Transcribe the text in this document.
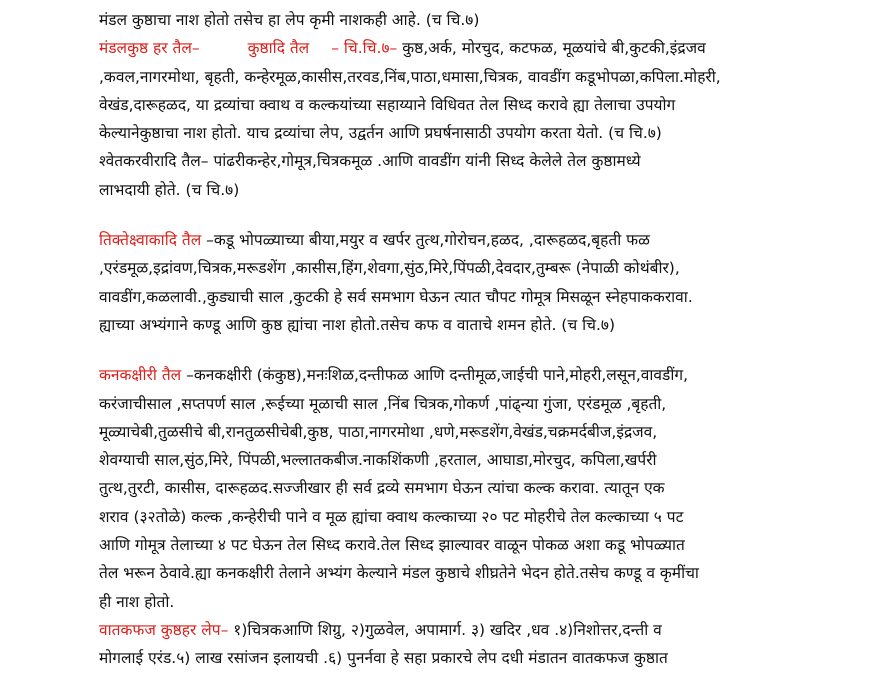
मंडल कुष्ठाचा नाश होतो तसेच हा लेप कृमी नाशकही आहे. (च चि.७)
मंडलकुष्ठ हर तैल–	कुष्ठादि तैल – चि.चि.७– कुष्ठ,अर्क, मोरचुद, कटफळ, मूळयांचे बी,कुटकी,इंद्रजव
,कवल,नागरमोथा, बृहती, कन्हेरमूळ,कासीस,तरवड,निंब,पाठा,धमासा,चित्रक, वावडींग कडूभोपळा,कपिला.मोहरी,
वेखंड,दारूहळद, या द्रव्यांचा क्वाथ व कल्कयांच्या सहाय्याने विधिवत तेल सिध्द करावे ह्या तेलाचा उपयोग
केल्यानेकुष्ठाचा नाश होतो. याच द्रव्यांचा लेप, उद्वर्तन आणि प्रघर्षनासाठी उपयोग करता येतो. (च चि.७)
श्वेतकरवीरादि तैल– पांढरीकन्हेर,गोमूत्र,चित्रकमूळ .आणि वावडींग यांनी सिध्द केलेले तेल कुष्ठामध्ये
लाभदायी होते. (च चि.७)
तिक्तेक्ष्वाकादि तैल –कडू भोपळ्याच्या बीया,मयुर व खर्पर तुत्थ,गोरोचन,हळद, ,दारूहळद,बृहती फळ
,एरंडमूळ,इद्रांवण,चित्रक,मरूडशेंग ,कासीस,हिंग,शेवगा,सुंठ,मिरे,पिंपळी,देवदार,तुम्बरू (नेपाळी कोथंबीर),
वावडींग,कळलावी.,कुड्याची साल ,कुटकी हे सर्व समभाग घेऊन त्यात चौपट गोमूत्र मिसळून स्नेहपाककरावा.
ह्याच्या अभ्यंगाने कण्डू आणि कुष्ठ ह्यांचा नाश होतो.तसेच कफ व वाताचे शमन होते. (च चि.७)
कनकक्षीरी तैल –कनकक्षीरी (कंकुष्ठ),मनःशिळ,दन्तीफळ आणि दन्तीमूळ,जाईची पाने,मोहरी,लसून,वावडींग,
करंजाचीसाल ,सप्तपर्ण साल ,रूईच्या मूळाची साल ,निंब चित्रक,गोकर्ण ,पांढ्न्या गुंजा, एरंडमूळ ,बृहती,
मूळ्याचेबी,तुळसीचे बी,रानतुळसीचेबी,कुष्ठ, पाठा,नागरमोथा ,धणे,मरूडशेंग,वेखंड,चक्रमर्दबीज,इंद्रजव,
शेवग्याची साल,सुंठ,मिरे, पिंपळी,भल्लातकबीज.नाकशिंकणी ,हरताल, आघाडा,मोरचुद, कपिला,खर्परी
तुत्थ,तुरटी, कासीस, दारूहळद.सज्जीखार ही सर्व द्रव्ये समभाग घेऊन त्यांचा कल्क करावा. त्यातून एक
शराव (३२तोळे) कल्क ,कन्हेरीची पाने व मूळ ह्यांचा क्वाथ कल्काच्या २० पट मोहरीचे तेल कल्काच्या ५ पट
आणि गोमूत्र तेलाच्या ४ पट घेऊन तेल सिध्द करावे.तेल सिध्द झाल्यावर वाळून पोकळ अशा कडू भोपळ्यात
तेल भरून ठेवावे.ह्या कनकक्षीरी तेलाने अभ्यंग केल्याने मंडल कुष्ठाचे शीघ्रतेने भेदन होते.तसेच कण्डू व कृमींचा
ही नाश होतो.
वातकफज कुष्ठहर लेप– १)चित्रकआणि शिग्रु, २)गुळवेल, अपामार्ग. ३) खदिर ,धव .४)निशोत्तर,दन्ती व
मोगलाई एरंड.५) लाख रसांजन इलायची .६) पुनर्नवा हे सहा प्रकारचे लेप दधी मंडातन वातकफज कुष्ठात
